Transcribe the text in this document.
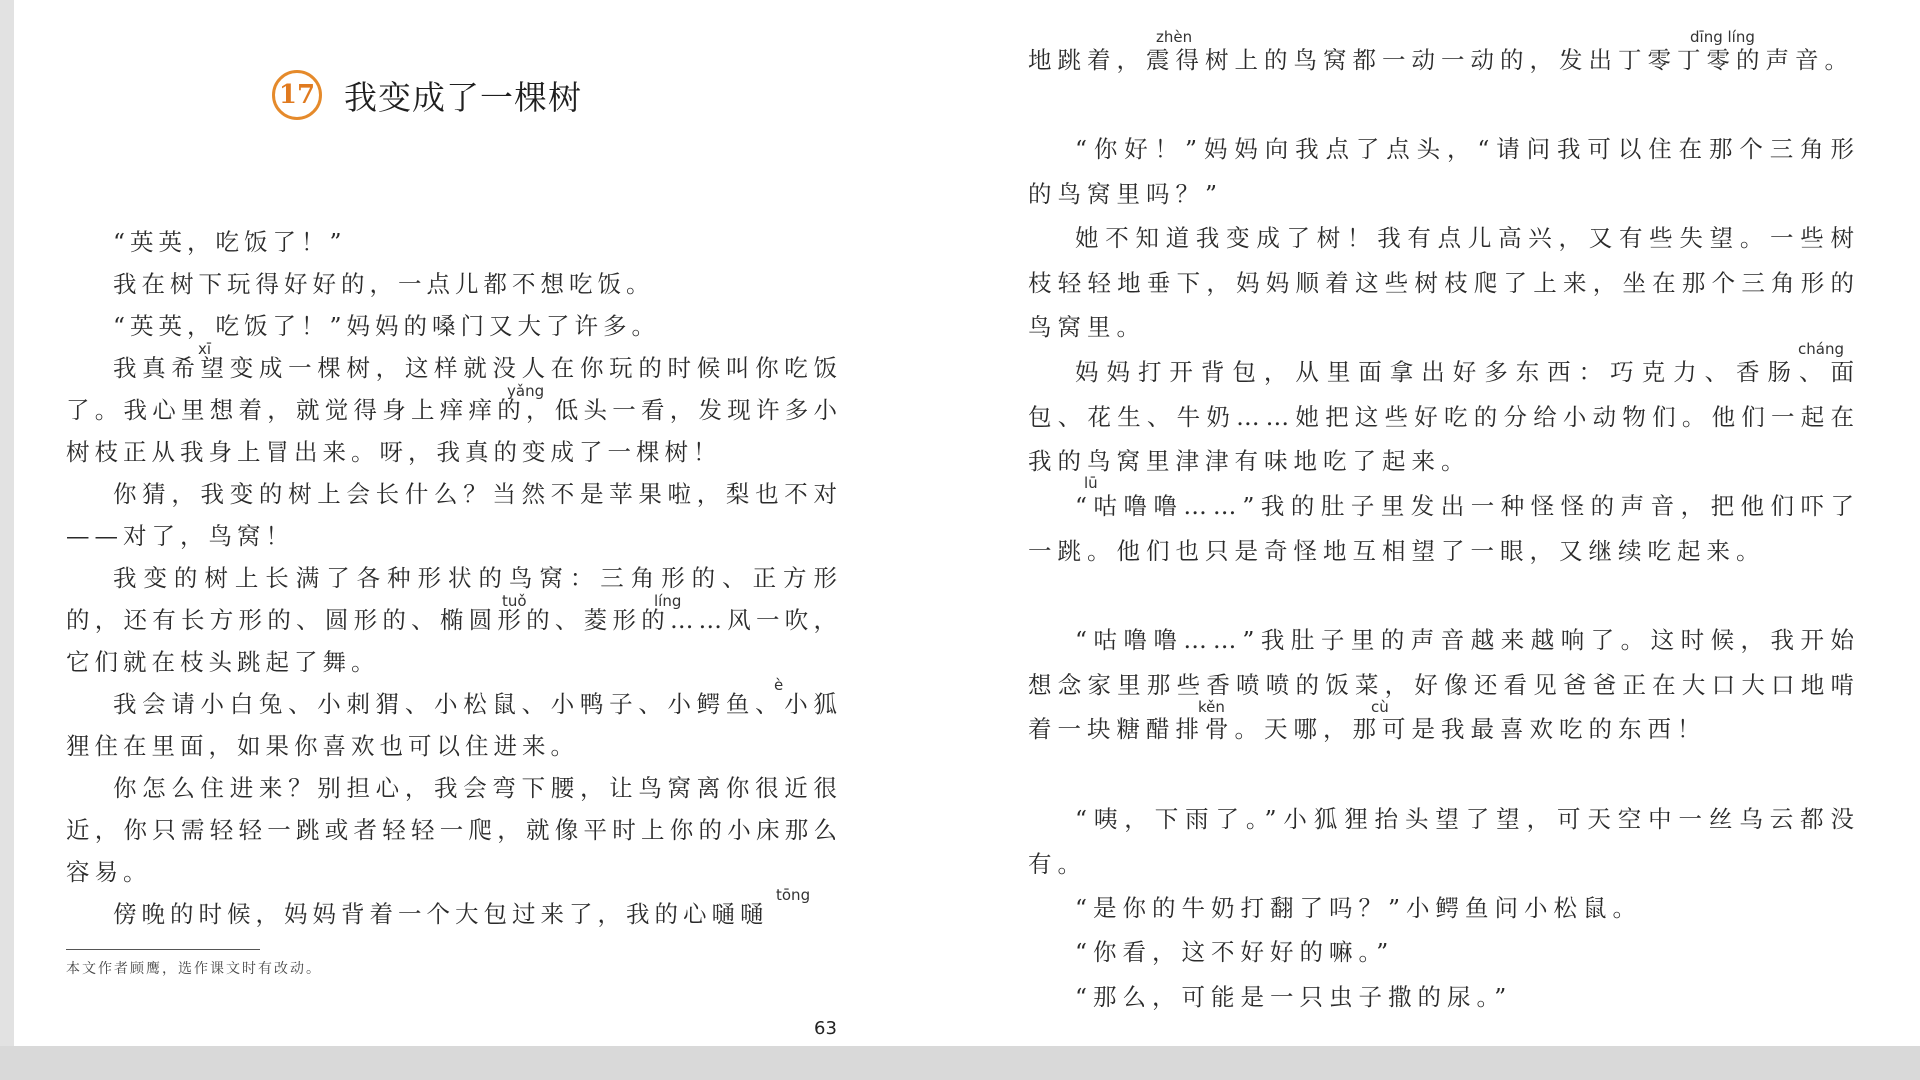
17 我变成了一棵树

“英英，吃饭了！”

我在树下玩得好好的，一点儿都不想吃饭。

“英英，吃饭了！”妈妈的嗓门又大了许多。

我真希望变成一棵树，这样就没人在你玩的时候叫你吃饭了。我心里想着，就觉得身上痒痒的，低头一看，发现许多小树枝正从我身上冒出来。呀，我真的变成了一棵树！

你猜，我变的树上会长什么？当然不是苹果啦，梨也不对——对了，鸟窝！

我变的树上长满了各种形状的鸟窝：三角形的、正方形的，还有长方形的、圆形的、椭圆形的、菱形的……风一吹，它们就在枝头跳起了舞。

我会请小白兔、小刺猬、小松鼠、小鸭子、小鳄鱼、小狐狸住在里面，如果你喜欢也可以住进来。

你怎么住进来？别担心，我会弯下腰，让鸟窝离你很近很近，你只需轻轻一跳或者轻轻一爬，就像平时上你的小床那么容易。

傍晚的时候，妈妈背着一个大包过来了，我的心嗵嗵

xī
yǎng
tuǒ	líng
è
tōng
本文作者顾鹰，选作课文时有改动。
63

地跳着，震得树上的鸟窝都一动一动的，发出丁零丁零的声音。

“你好！”妈妈向我点了点头，“请问我可以住在那个三角形的鸟窝里吗？”

她不知道我变成了树！我有点儿高兴，又有些失望。一些树枝轻轻地垂下，妈妈顺着这些树枝爬了上来，坐在那个三角形的鸟窝里。

妈妈打开背包，从里面拿出好多东西：巧克力、香肠、面包、花生、牛奶……她把这些好吃的分给小动物们。他们一起在我的鸟窝里津津有味地吃了起来。

“咕噜噜……”我的肚子里发出一种怪怪的声音，把他们吓了一跳。他们也只是奇怪地互相望了一眼，又继续吃起来。

“咕噜噜……”我肚子里的声音越来越响了。这时候，我开始想念家里那些香喷喷的饭菜，好像还看见爸爸正在大口大口地啃着一块糖醋排骨。天哪，那可是我最喜欢吃的东西！

“咦，下雨了。”小狐狸抬头望了望，可天空中一丝乌云都没有。

“是你的牛奶打翻了吗？”小鳄鱼问小松鼠。

“你看，这不好好的嘛。”

“那么，可能是一只虫子撒的尿。”

zhèn	dīng líng
cháng
lū
kěn	cù
